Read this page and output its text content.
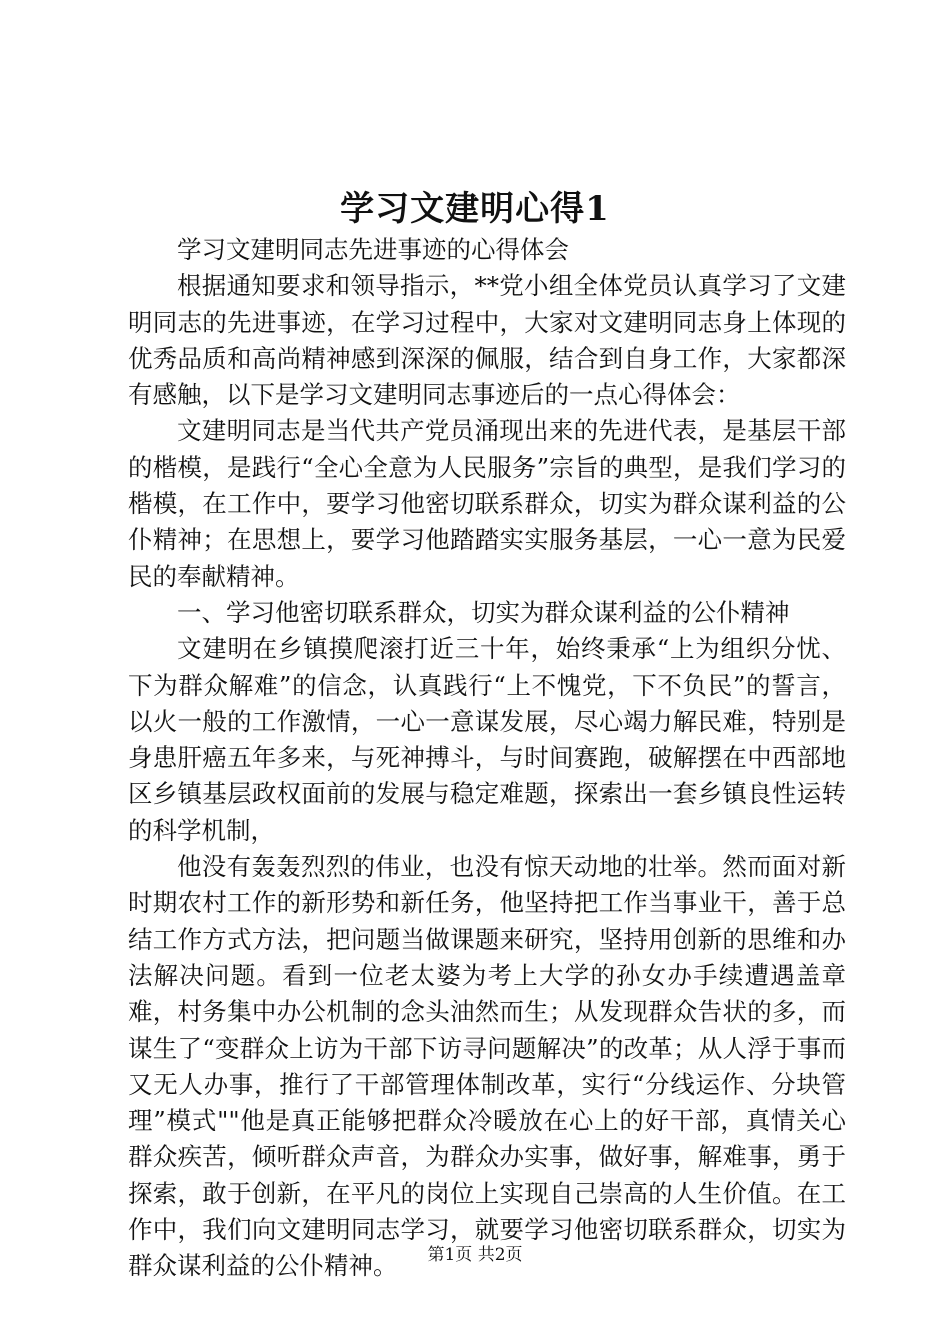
学习文建明心得1

学习文建明同志先进事迹的心得体会

根据通知要求和领导指示，**党小组全体党员认真学习了文建明同志的先进事迹，在学习过程中，大家对文建明同志身上体现的优秀品质和高尚精神感到深深的佩服，结合到自身工作，大家都深有感触，以下是学习文建明同志事迹后的一点心得体会：

文建明同志是当代共产党员涌现出来的先进代表，是基层干部的楷模，是践行“全心全意为人民服务”宗旨的典型，是我们学习的楷模，在工作中，要学习他密切联系群众，切实为群众谋利益的公仆精神；在思想上，要学习他踏踏实实服务基层，一心一意为民爱民的奉献精神。

一、学习他密切联系群众，切实为群众谋利益的公仆精神

文建明在乡镇摸爬滚打近三十年，始终秉承“上为组织分忧、下为群众解难”的信念，认真践行“上不愧党，下不负民”的誓言，以火一般的工作激情，一心一意谋发展，尽心竭力解民难，特别是身患肝癌五年多来，与死神搏斗，与时间赛跑，破解摆在中西部地区乡镇基层政权面前的发展与稳定难题，探索出一套乡镇良性运转的科学机制，

他没有轰轰烈烈的伟业，也没有惊天动地的壮举。然而面对新时期农村工作的新形势和新任务，他坚持把工作当事业干，善于总结工作方式方法，把问题当做课题来研究，坚持用创新的思维和办法解决问题。看到一位老太婆为考上大学的孙女办手续遭遇盖章难，村务集中办公机制的念头油然而生；从发现群众告状的多，而谋生了“变群众上访为干部下访寻问题解决”的改革；从人浮于事而又无人办事，推行了干部管理体制改革，实行“分线运作、分块管理”模式""他是真正能够把群众冷暖放在心上的好干部，真情关心群众疾苦，倾听群众声音，为群众办实事，做好事，解难事，勇于探索，敢于创新，在平凡的岗位上实现自己崇高的人生价值。在工作中，我们向文建明同志学习，就要学习他密切联系群众，切实为群众谋利益的公仆精神。	第1页 共2页
